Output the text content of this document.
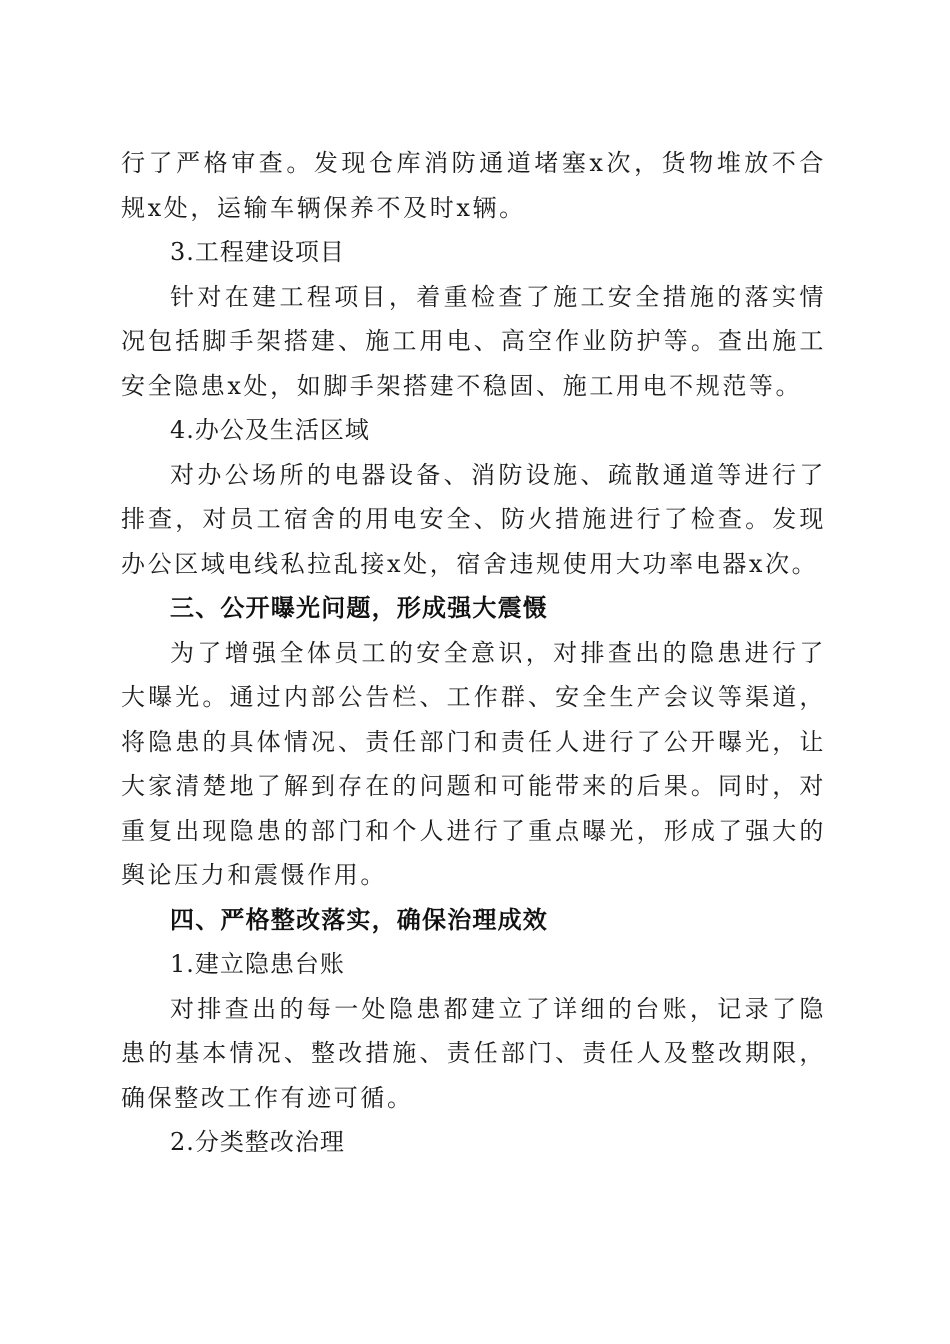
行了严格审查。发现仓库消防通道堵塞x次，货物堆放不合规x处，运输车辆保养不及时x辆。

3.工程建设项目

针对在建工程项目，着重检查了施工安全措施的落实情况包括脚手架搭建、施工用电、高空作业防护等。查出施工安全隐患x处，如脚手架搭建不稳固、施工用电不规范等。

4.办公及生活区域

对办公场所的电器设备、消防设施、疏散通道等进行了排查，对员工宿舍的用电安全、防火措施进行了检查。发现办公区域电线私拉乱接x处，宿舍违规使用大功率电器x次。

三、公开曝光问题，形成强大震慑

为了增强全体员工的安全意识，对排查出的隐患进行了大曝光。通过内部公告栏、工作群、安全生产会议等渠道，将隐患的具体情况、责任部门和责任人进行了公开曝光，让大家清楚地了解到存在的问题和可能带来的后果。同时，对重复出现隐患的部门和个人进行了重点曝光，形成了强大的舆论压力和震慑作用。

四、严格整改落实，确保治理成效

1.建立隐患台账

对排查出的每一处隐患都建立了详细的台账，记录了隐患的基本情况、整改措施、责任部门、责任人及整改期限，确保整改工作有迹可循。

2.分类整改治理
